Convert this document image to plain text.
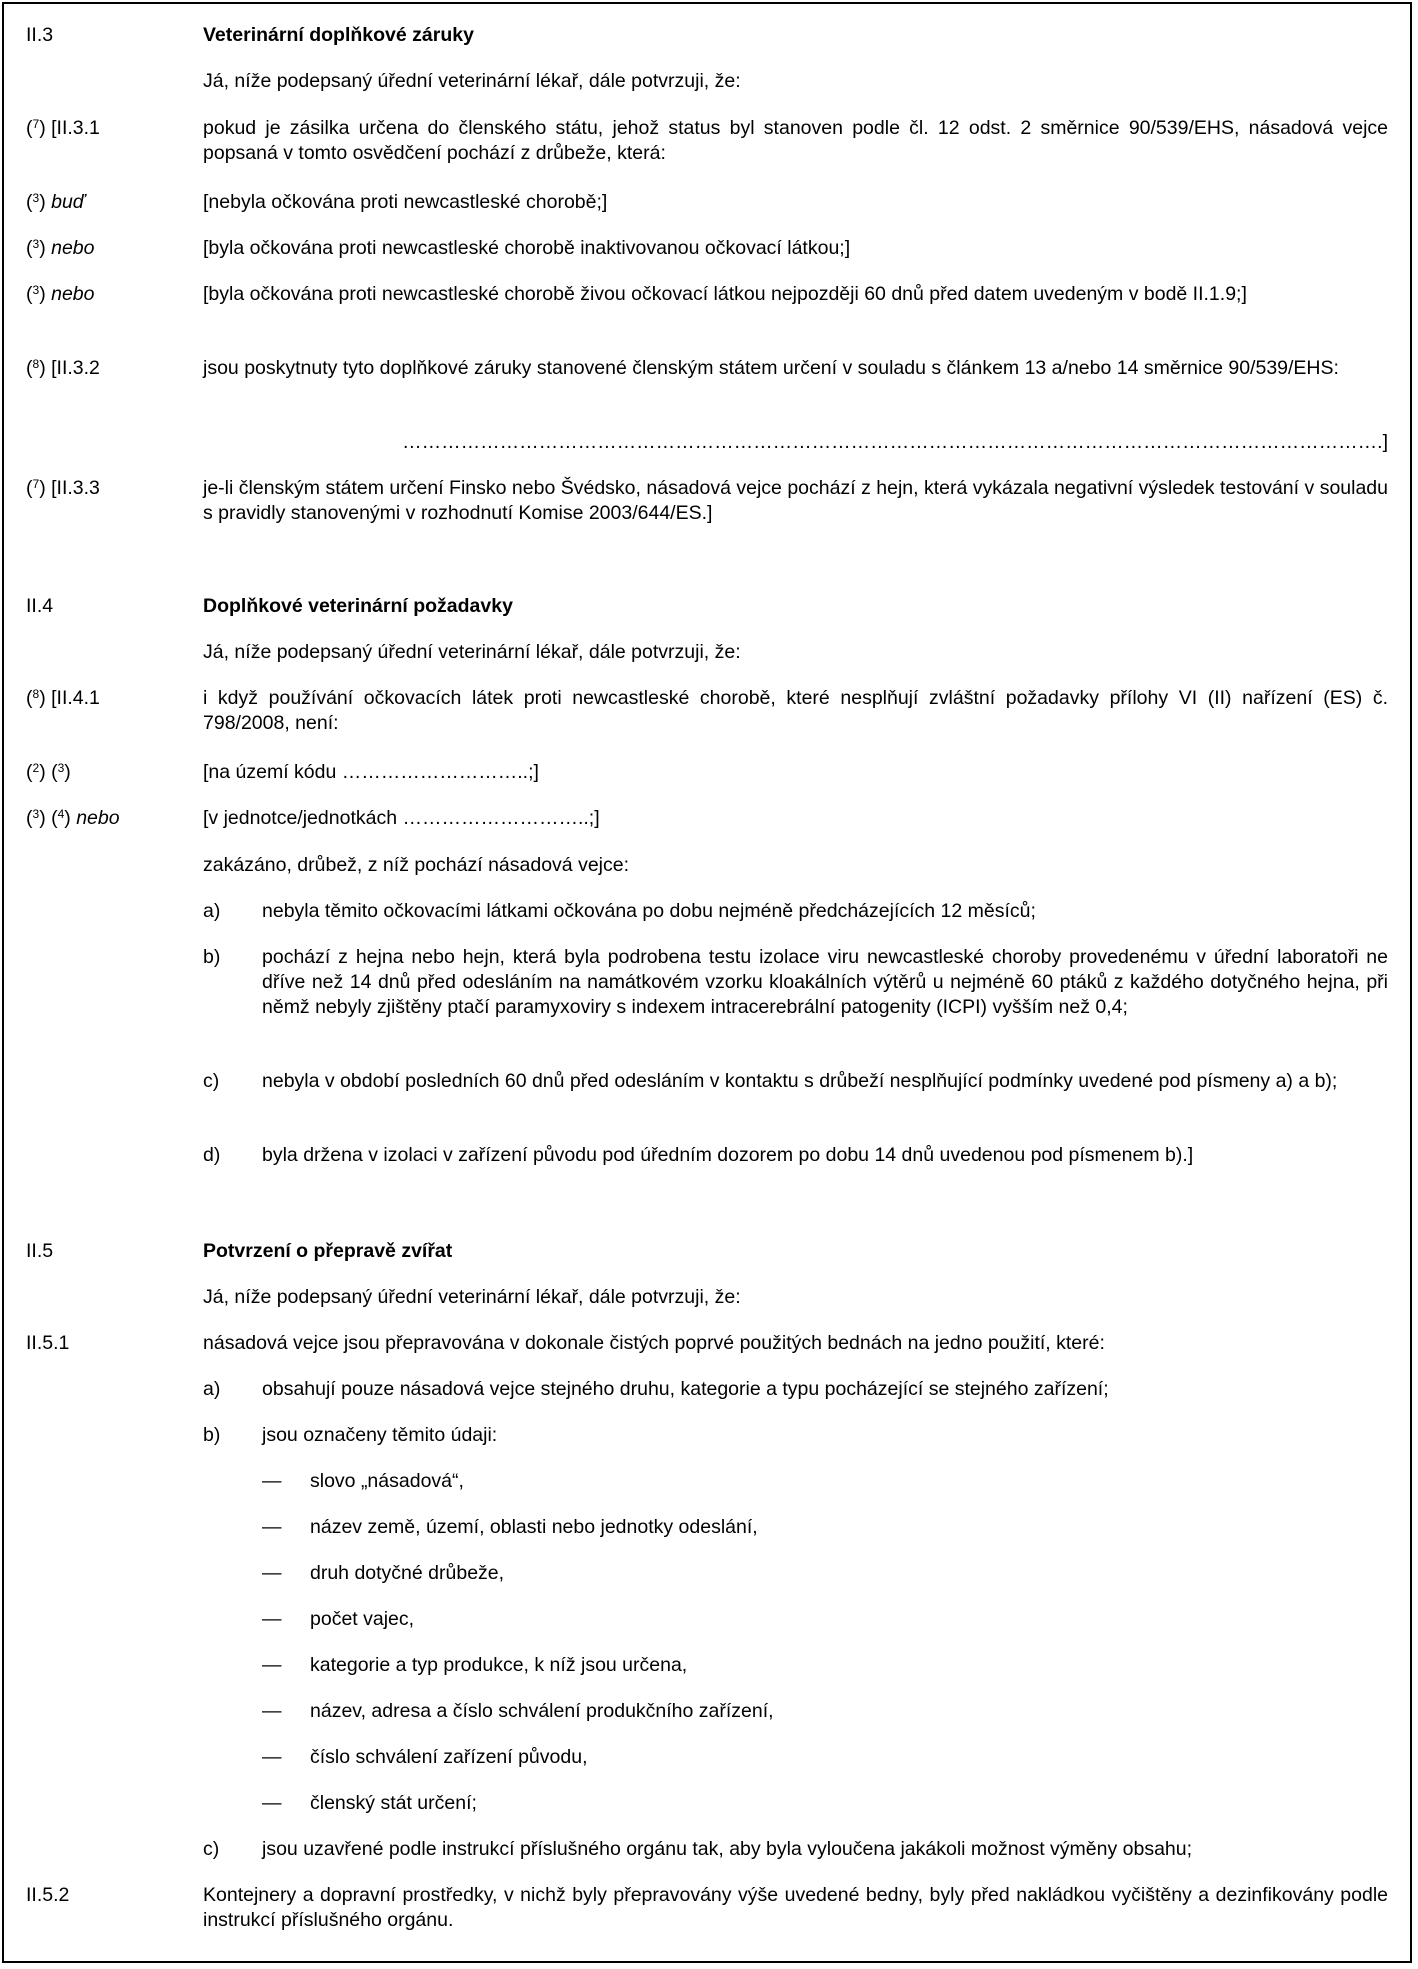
II.3	Veterinární doplňkové záruky
Já, níže podepsaný úřední veterinární lékař, dále potvrzuji, že:
($^7$) [II.3.1	pokud je zásilka určena do členského státu, jehož status byl stanoven podle čl. 12 odst. 2 směrnice 90/539/EHS, násadová vejce popsaná v tomto osvědčení pochází z drůbeže, která:
($^3$) buď	[nebyla očkována proti newcastleské chorobě;]
($^3$) nebo	[byla očkována proti newcastleské chorobě inaktivovanou očkovací látkou;]
($^3$) nebo	[byla očkována proti newcastleské chorobě živou očkovací látkou nejpozději 60 dnů před datem uvedeným v bodě II.1.9;]
($^8$) [II.3.2	jsou poskytnuty tyto doplňkové záruky stanovené členským státem určení v souladu s článkem 13 a/nebo 14 směrnice 90/539/EHS:
…………………………………………………………………………………………………………………………………….]
($^7$) [II.3.3	je-li členským státem určení Finsko nebo Švédsko, násadová vejce pochází z hejn, která vykázala negativní výsledek testování v souladu s pravidly stanovenými v rozhodnutí Komise 2003/644/ES.]
II.4	Doplňkové veterinární požadavky
Já, níže podepsaný úřední veterinární lékař, dále potvrzuji, že:
($^8$) [II.4.1	i když používání očkovacích látek proti newcastleské chorobě, které nesplňují zvláštní požadavky přílohy VI (II) nařízení (ES) č. 798/2008, není:
($^2$) ($^3$)	[na území kódu ………………………..;]
($^3$) ($^4$) nebo	[v jednotce/jednotkách ………………………..;]
zakázáno, drůbež, z níž pochází násadová vejce:
a) nebyla těmito očkovacími látkami očkována po dobu nejméně předcházejících 12 měsíců;
b) pochází z hejna nebo hejn, která byla podrobena testu izolace viru newcastleské choroby provedenému v úřední laboratoři ne dříve než 14 dnů před odesláním na namátkovém vzorku kloakálních výtěrů u nejméně 60 ptáků z každého dotyčného hejna, při němž nebyly zjištěny ptačí paramyxoviry s indexem intracerebrální patogenity (ICPI) vyšším než 0,4;
c) nebyla v období posledních 60 dnů před odesláním v kontaktu s drůbeží nesplňující podmínky uvedené pod písmeny a) a b);
d) byla držena v izolaci v zařízení původu pod úředním dozorem po dobu 14 dnů uvedenou pod písmenem b).]
II.5	Potvrzení o přepravě zvířat
Já, níže podepsaný úřední veterinární lékař, dále potvrzuji, že:
II.5.1	násadová vejce jsou přepravována v dokonale čistých poprvé použitých bednách na jedno použití, které:
a) obsahují pouze násadová vejce stejného druhu, kategorie a typu pocházející se stejného zařízení;
b) jsou označeny těmito údaji:
— slovo „násadová“,
— název země, území, oblasti nebo jednotky odeslání,
— druh dotyčné drůbeže,
— počet vajec,
— kategorie a typ produkce, k níž jsou určena,
— název, adresa a číslo schválení produkčního zařízení,
— číslo schválení zařízení původu,
— členský stát určení;
c) jsou uzavřené podle instrukcí příslušného orgánu tak, aby byla vyloučena jakákoli možnost výměny obsahu;
II.5.2	Kontejnery a dopravní prostředky, v nichž byly přepravovány výše uvedené bedny, byly před nakládkou vyčištěny a dezinfikovány podle instrukcí příslušného orgánu.
